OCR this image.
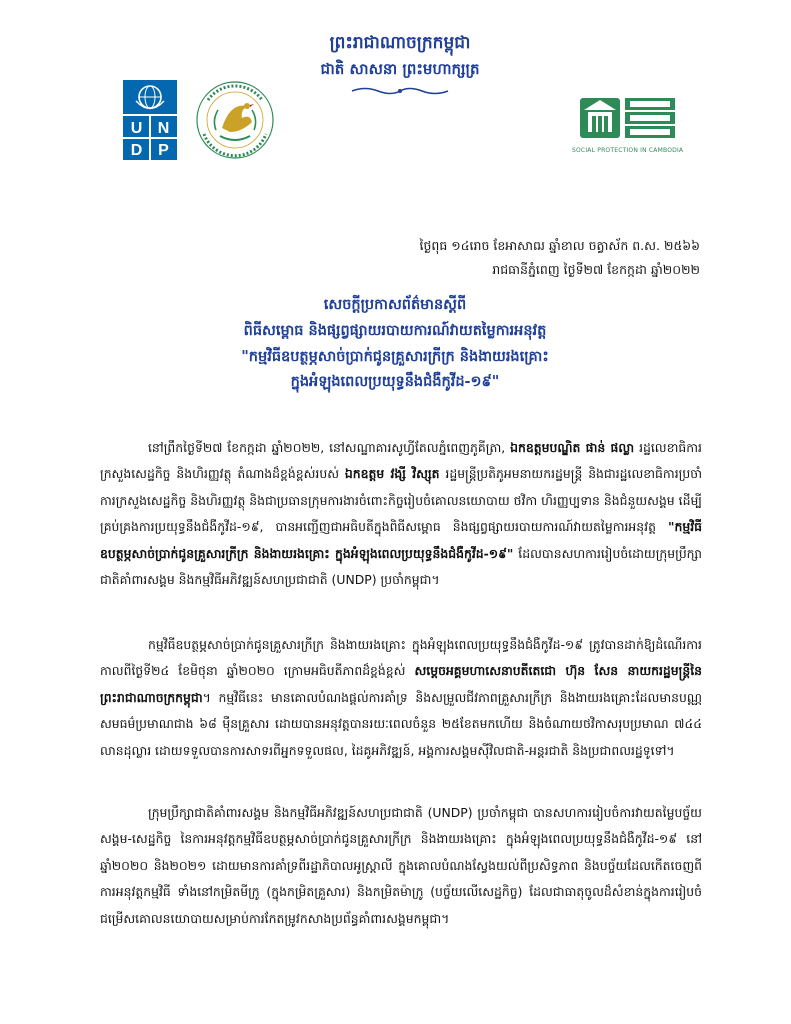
ព្រះរាជាណាចក្រកម្ពុជា
ជាតិ សាសនា ព្រះមហាក្សត្រ
U N
D P	SOCIAL PROTECTION IN CAMBODIA
ថ្ងៃពុធ ១៤រោច ខែអាសាឍ ឆ្នាំខាល ចត្វាស័ក ព.ស. ២៥៦៦
រាជធានីភ្នំពេញ ថ្ងៃទី២៧ ខែកក្កដា ឆ្នាំ២០២២
សេចក្តីប្រកាសព័ត៌មានស្តីពី
ពិធីសម្ពោធ និងផ្សព្វផ្សាយរបាយការណ៍វាយតម្លៃការអនុវត្ត
"កម្មវិធីឧបត្ថម្ភសាច់ប្រាក់ជូនគ្រួសារក្រីក្រ និងងាយរងគ្រោះ
ក្នុងអំឡុងពេលប្រយុទ្ធនឹងជំងឺកូវីដ-១៩"
នៅព្រឹកថ្ងៃទី២៧ ខែកក្កដា ឆ្នាំ២០២២, នៅសណ្ឋាគារសូហ្វីតែលភ្នំពេញភូគីត្រា, ឯកឧត្តមបណ្ឌិត ផាន់ ផល្លា រដ្ឋលេខាធិការក្រសួងសេដ្ឋកិច្ច និងហិរញ្ញវត្ថុ តំណាងដ៏ខ្ពង់ខ្ពស់របស់ ឯកឧត្តម វង្សី វិស្សុត រដ្ឋមន្ត្រីប្រតិភូអមនាយករដ្ឋមន្ត្រី និងជារដ្ឋលេខាធិការប្រចាំការក្រសួងសេដ្ឋកិច្ច និងហិរញ្ញវត្ថុ និងជាប្រធានក្រុមការងារចំពោះកិច្ចរៀបចំគោលនយោបាយ ថវិកា ហិរញ្ញប្បទាន និងជំនួយសង្គម ដើម្បីគ្រប់គ្រងការប្រយុទ្ធនឹងជំងឺកូវីដ-១៩, បានអញ្ជើញជាអធិបតីក្នុងពិធីសម្ពោធ និងផ្សព្វផ្សាយរបាយការណ៍វាយតម្លៃការអនុវត្ត "កម្មវិធីឧបត្ថម្ភសាច់ប្រាក់ជូនគ្រួសារក្រីក្រ និងងាយរងគ្រោះ ក្នុងអំឡុងពេលប្រយុទ្ធនឹងជំងឺកូវីដ-១៩" ដែលបានសហការរៀបចំដោយក្រុមប្រឹក្សាជាតិគាំពារសង្គម និងកម្មវិធីអភិវឌ្ឍន៍សហប្រជាជាតិ (UNDP) ប្រចាំកម្ពុជា។
កម្មវិធីឧបត្ថម្ភសាច់ប្រាក់ជូនគ្រួសារក្រីក្រ និងងាយរងគ្រោះ ក្នុងអំឡុងពេលប្រយុទ្ធនឹងជំងឺកូវីដ-១៩ ត្រូវបានដាក់ឱ្យដំណើរការកាលពីថ្ងៃទី២៤ ខែមិថុនា ឆ្នាំ២០២០ ក្រោមអធិបតីភាពដ៏ខ្ពង់ខ្ពស់ សម្តេចអគ្គមហាសេនាបតីតេជោ ហ៊ុន សែន នាយករដ្ឋមន្ត្រីនៃព្រះរាជាណាចក្រកម្ពុជា។ កម្មវិធីនេះ មានគោលបំណងផ្តល់ការគាំទ្រ និងសម្រួលជីវភាពគ្រួសារក្រីក្រ និងងាយរងគ្រោះដែលមានបណ្ណសមធម៌ប្រមាណជាង ៦៨ ម៉ឺនគ្រួសារ ដោយបានអនុវត្តបានរយៈពេលចំនួន ២៥ខែតមកហើយ និងចំណាយថវិកាសរុបប្រមាណ ៧៤៤ លានដុល្លារ ដោយទទួលបានការសាទរពីអ្នកទទួលផល, ដៃគូអភិវឌ្ឍន៍, អង្គការសង្គមស៊ីវិលជាតិ-អន្តរជាតិ និងប្រជាពលរដ្ឋទូទៅ។
ក្រុមប្រឹក្សាជាតិគាំពារសង្គម និងកម្មវិធីអភិវឌ្ឍន៍សហប្រជាជាតិ (UNDP) ប្រចាំកម្ពុជា បានសហការរៀបចំការវាយតម្លៃបច្ច័យសង្គម-សេដ្ឋកិច្ច នៃការអនុវត្តកម្មវិធីឧបត្ថម្ភសាច់ប្រាក់ជូនគ្រួសារក្រីក្រ និងងាយរងគ្រោះ ក្នុងអំឡុងពេលប្រយុទ្ធនឹងជំងឺកូវីដ-១៩ នៅឆ្នាំ២០២០ និង២០២១ ដោយមានការគាំទ្រពីរដ្ឋាភិបាលអូស្ត្រាលី ក្នុងគោលបំណងស្វែងយល់ពីប្រសិទ្ធភាព និងបច្ច័យដែលកើតចេញពីការអនុវត្តកម្មវិធី ទាំងនៅកម្រិតមីក្រូ (ក្នុងកម្រិតគ្រួសារ) និងកម្រិតម៉ាក្រូ (បច្ច័យលើសេដ្ឋកិច្ច) ដែលជាធាតុចូលដ៏សំខាន់ក្នុងការរៀបចំជម្រើសគោលនយោបាយសម្រាប់ការកែតម្រូវកសាងប្រព័ន្ធគាំពារសង្គមកម្ពុជា។
